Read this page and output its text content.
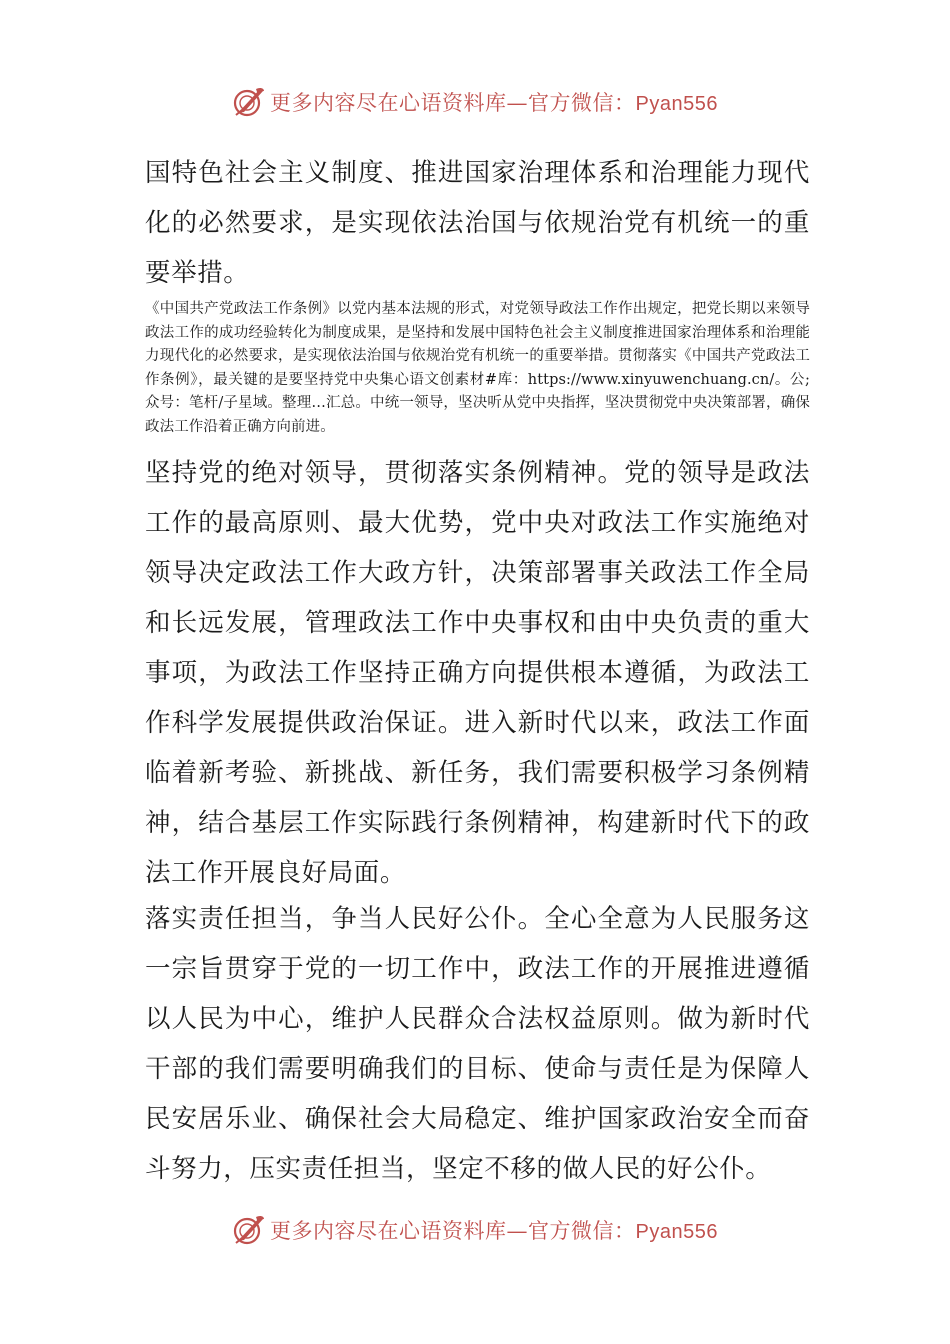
更多内容尽在心语资料库—官方微信：Pyan556

国特色社会主义制度、推进国家治理体系和治理能力现代化的必然要求，是实现依法治国与依规治党有机统一的重要举措。

《中国共产党政法工作条例》以党内基本法规的形式，对党领导政法工作作出规定，把党长期以来领导政法工作的成功经验转化为制度成果，是坚持和发展中国特色社会主义制度推进国家治理体系和治理能力现代化的必然要求，是实现依法治国与依规治党有机统一的重要举措。贯彻落实《中国共产党政法工作条例》，最关键的是要坚持党中央集心语文创素材#库：https://www.xinyuwenchuang.cn/。公;众号：笔杆/子星域。整理…汇总。中统一领导，坚决听从党中央指挥，坚决贯彻党中央决策部署，确保政法工作沿着正确方向前进。

坚持党的绝对领导，贯彻落实条例精神。党的领导是政法工作的最高原则、最大优势，党中央对政法工作实施绝对领导决定政法工作大政方针，决策部署事关政法工作全局和长远发展，管理政法工作中央事权和由中央负责的重大事项，为政法工作坚持正确方向提供根本遵循，为政法工作科学发展提供政治保证。进入新时代以来，政法工作面临着新考验、新挑战、新任务，我们需要积极学习条例精神，结合基层工作实际践行条例精神，构建新时代下的政法工作开展良好局面。

落实责任担当，争当人民好公仆。全心全意为人民服务这一宗旨贯穿于党的一切工作中，政法工作的开展推进遵循以人民为中心，维护人民群众合法权益原则。做为新时代干部的我们需要明确我们的目标、使命与责任是为保障人民安居乐业、确保社会大局稳定、维护国家政治安全而奋斗努力，压实责任担当，坚定不移的做人民的好公仆。

更多内容尽在心语资料库—官方微信：Pyan556
